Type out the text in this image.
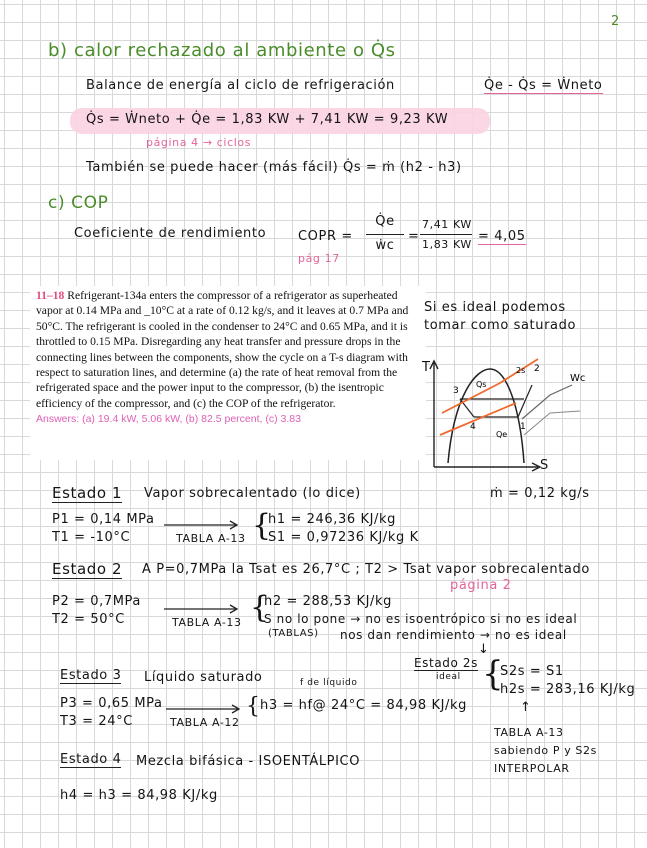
2
b) calor rechazado al ambiente o Q̇s
Balance de energía al ciclo de refrigeración	Q̇e - Q̇s = Ẇneto
Q̇s = Ẇneto + Q̇e = 1,83 KW + 7,41 KW = 9,23 KW
página 4 → ciclos
También se puede hacer (más fácil) Q̇s = ṁ (h2 - h3)
c) COP
Coeficiente de rendimiento COPR =
Q̇e
ẇc
=
7,41 KW
1,83 KW
= 4,05
pág 17
11–18 Refrigerant-134a enters the compressor of a refrigerator as superheated vapor at 0.14 MPa and _10°C at a rate of 0.12 kg/s, and it leaves at 0.7 MPa and 50°C. The refrigerant is cooled in the condenser to 24°C and 0.65 MPa, and it is throttled to 0.15 MPa. Disregarding any heat transfer and pressure drops in the connecting lines between the components, show the cycle on a T-s diagram with respect to saturation lines, and determine (a) the rate of heat removal from the refrigerated space and the power input to the compressor, (b) the isentropic efficiency of the compressor, and (c) the COP of the refrigerator.
Answers: (a) 19.4 kW, 5.06 kW, (b) 82.5 percent, (c) 3.83
Si es ideal podemos
tomar como saturado
3
4	1
2
2s
Qs
Qe
Wc
T
S
Estado 1 Vapor sobrecalentado (lo dice)	ṁ = 0,12 kg/s
P1 = 0,14 MPa
T1 = -10°C	TABLA A-13 {
h1 = 246,36 KJ/kg
S1 = 0,97236 KJ/kg K
Estado 2 A P=0,7MPa la Tsat es 26,7°C ; T2 > Tsat vapor sobrecalentado
página 2
P2 = 0,7MPa
T2 = 50°C	TABLA A-13 {
h2 = 288,53 KJ/kg
S no lo pone → no es isoentrópico si no es ideal
(TABLAS) nos dan rendimiento → no es ideal
↓
Estado 2s
ideal {
S2s = S1
h2s = 283,16 KJ/kg
↑
TABLA A-13
sabiendo P y S2s
INTERPOLAR
Estado 3 Líquido saturado
P3 = 0,65 MPa
T3 = 24°C	TABLA A-12
f de líquido
{ h3 = hf@ 24°C = 84,98 KJ/kg
Estado 4 Mezcla bifásica - ISOENTÁLPICO
h4 = h3 = 84,98 KJ/kg
